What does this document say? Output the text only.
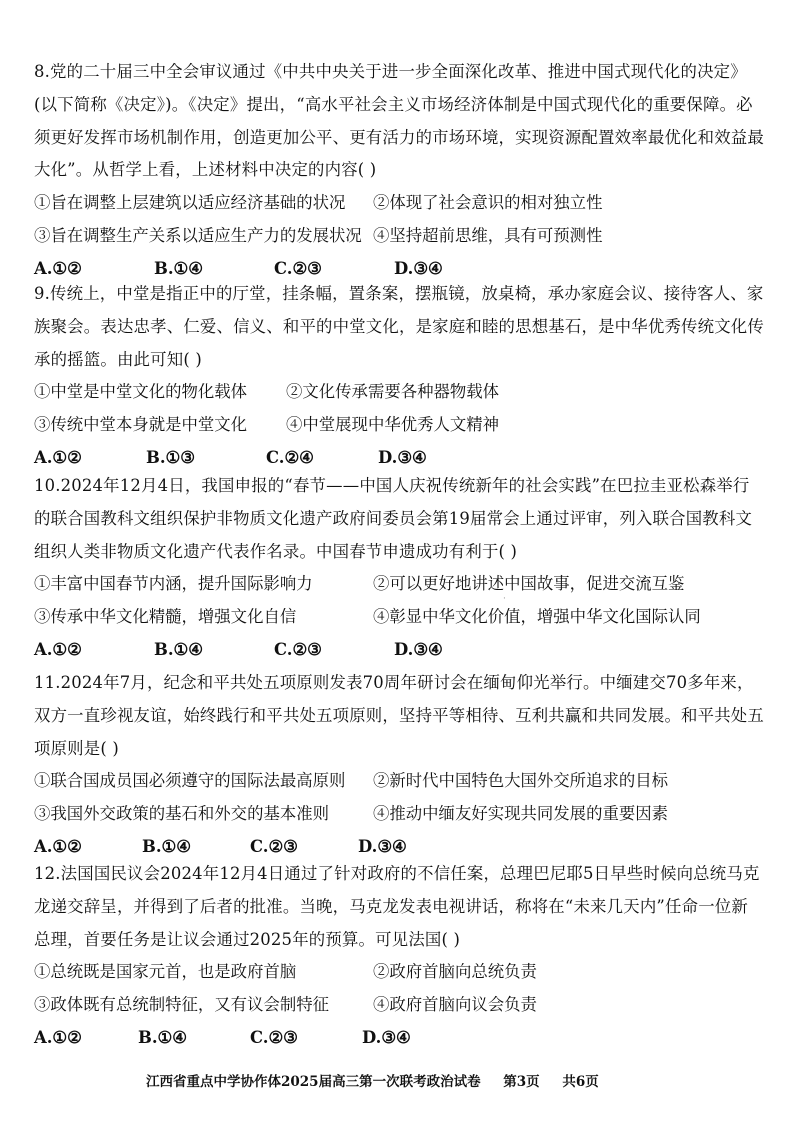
8.党的二十届三中全会审议通过《中共中央关于进一步全面深化改革、推进中国式现代化的决定》(以下简称《决定》)。《决定》提出，“高水平社会主义市场经济体制是中国式现代化的重要保障。必须更好发挥市场机制作用，创造更加公平、更有活力的市场环境，实现资源配置效率最优化和效益最大化”。从哲学上看，上述材料中决定的内容( )

①旨在调整上层建筑以适应经济基础的状况	②体现了社会意识的相对独立性
③旨在调整生产关系以适应生产力的发展状况 ④坚持超前思维，具有可预测性
A.①②	B.①④	C.②③	D.③④

9.传统上，中堂是指正中的厅堂，挂条幅，置条案，摆瓶镜，放桌椅，承办家庭会议、接待客人、家族聚会。表达忠孝、仁爱、信义、和平的中堂文化，是家庭和睦的思想基石，是中华优秀传统文化传承的摇篮。由此可知( )

①中堂是中堂文化的物化载体	②文化传承需要各种器物载体
③传统中堂本身就是中堂文化	④中堂展现中华优秀人文精神
A.①②	B.①③	C.②④	D.③④

10.2024年12月4日，我国申报的“春节——中国人庆祝传统新年的社会实践”在巴拉圭亚松森举行的联合国教科文组织保护非物质文化遗产政府间委员会第19届常会上通过评审，列入联合国教科文组织人类非物质文化遗产代表作名录。中国春节申遗成功有利于( )

①丰富中国春节内涵，提升国际影响力	②可以更好地讲述中国故事，促进交流互鉴
③传承中华文化精髓，增强文化自信	④彰显中华文化价值，增强中华文化国际认同
A.①②	B.①④	C.②③	D.③④

11.2024年7月，纪念和平共处五项原则发表70周年研讨会在缅甸仰光举行。中缅建交70多年来，双方一直珍视友谊，始终践行和平共处五项原则，坚持平等相待、互利共赢和共同发展。和平共处五项原则是( )

①联合国成员国必须遵守的国际法最高原则	②新时代中国特色大国外交所追求的目标
③我国外交政策的基石和外交的基本准则	④推动中缅友好实现共同发展的重要因素
A.①②	B.①④	C.②③	D.③④

12.法国国民议会2024年12月4日通过了针对政府的不信任案，总理巴尼耶5日早些时候向总统马克龙递交辞呈，并得到了后者的批准。当晚，马克龙发表电视讲话，称将在“未来几天内”任命一位新总理，首要任务是让议会通过2025年的预算。可见法国( )

①总统既是国家元首，也是政府首脑	②政府首脑向总统负责
③政体既有总统制特征，又有议会制特征	④政府首脑向议会负责
A.①②	B.①④	C.②③	D.③④
·
江西省重点中学协作体2025届高三第一次联考政治试卷 第3页 共6页
